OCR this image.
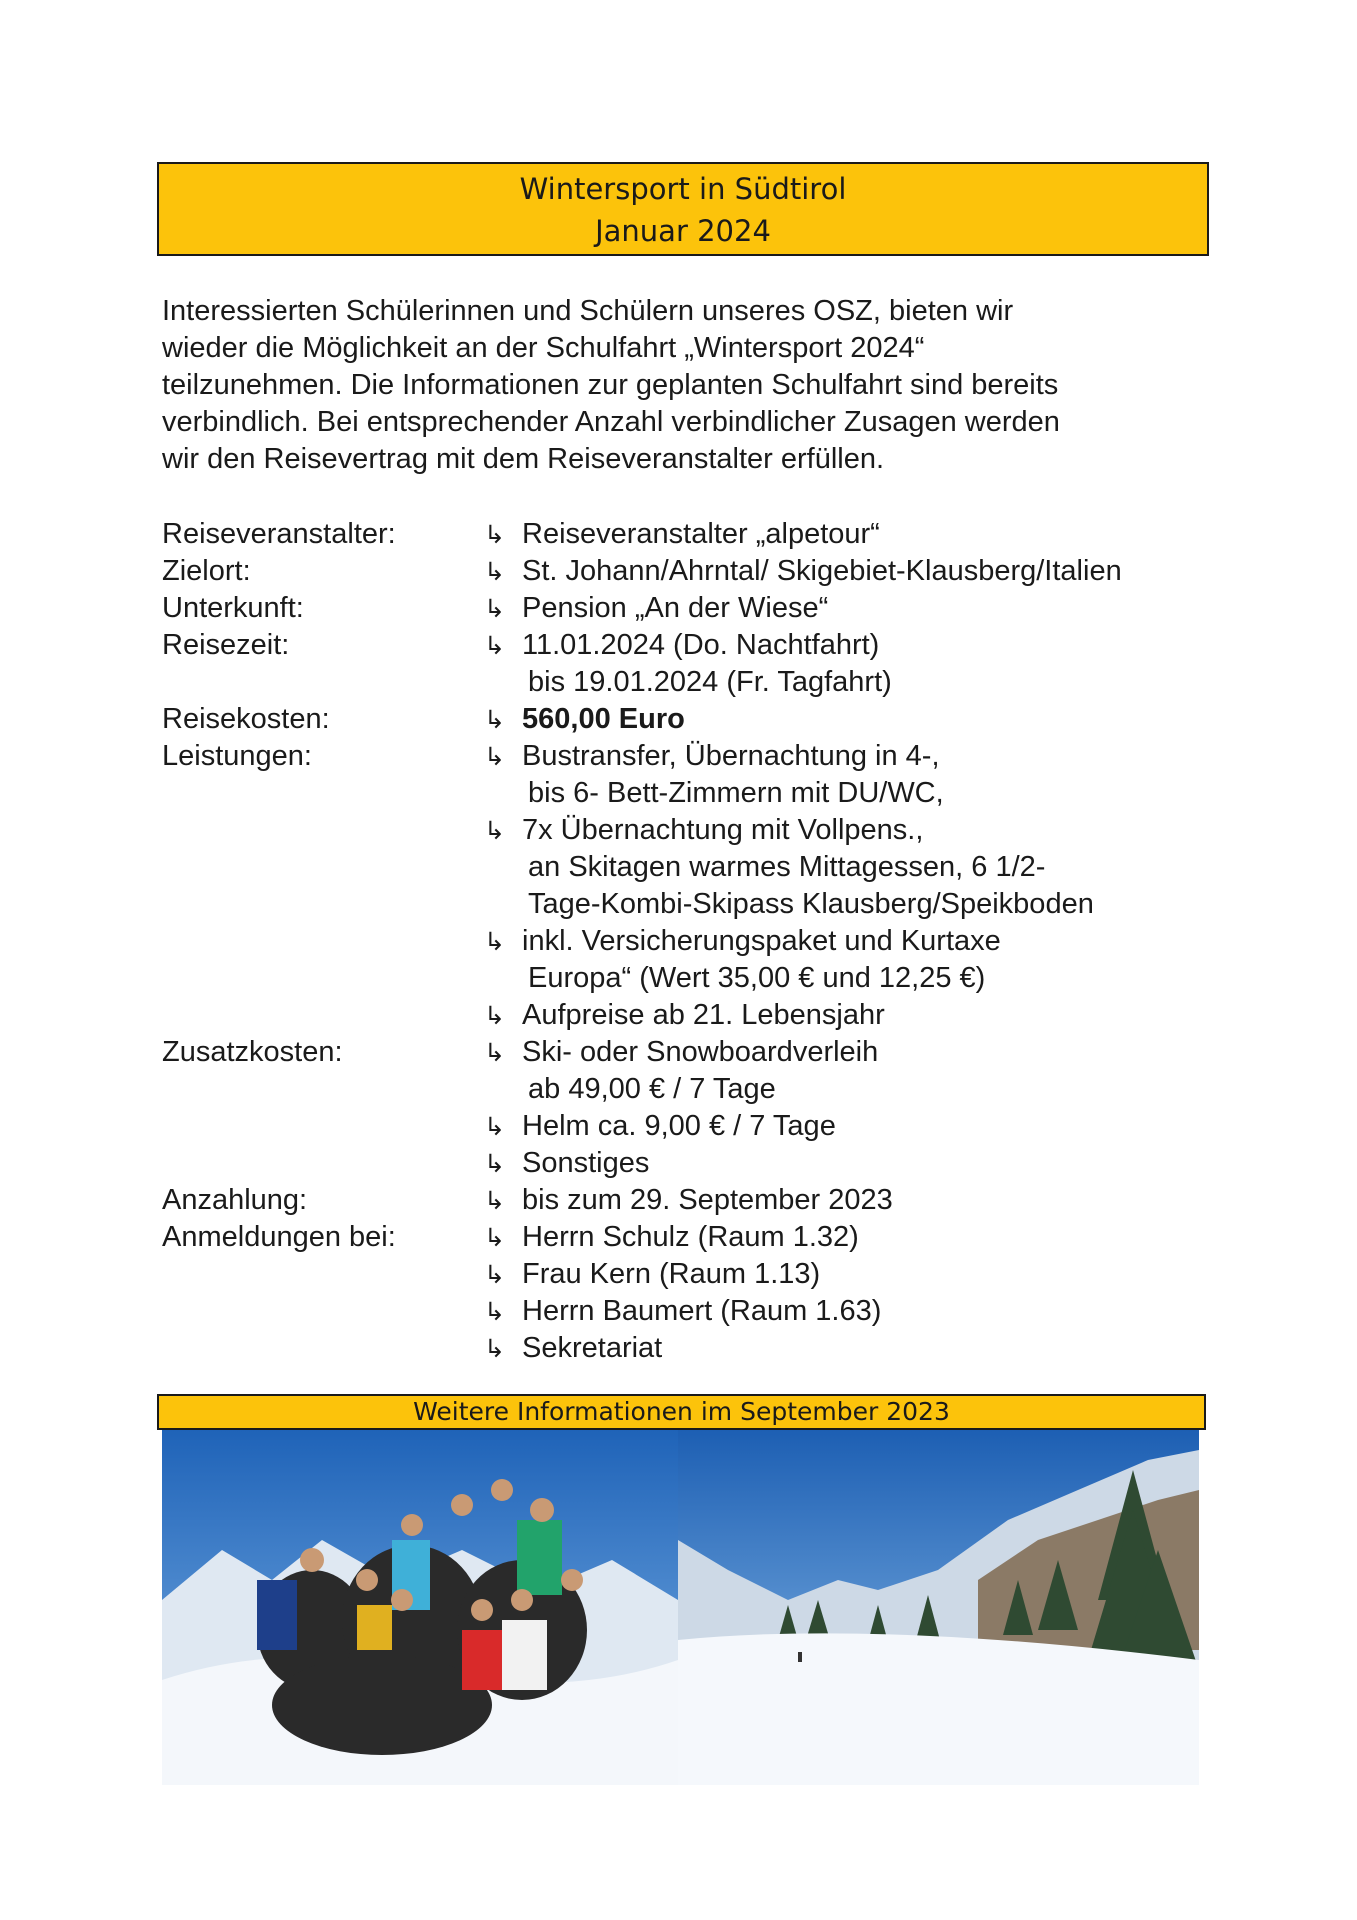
Wintersport in Südtirol
Januar 2024

Interessierten Schülerinnen und Schülern unseres OSZ, bieten wir

wieder die Möglichkeit an der Schulfahrt „Wintersport 2024“

teilzunehmen. Die Informationen zur geplanten Schulfahrt sind bereits

verbindlich. Bei entsprechender Anzahl verbindlicher Zusagen werden

wir den Reisevertrag mit dem Reiseveranstalter erfüllen.

Reiseveranstalter:	↳ Reiseveranstalter „alpetour“
Zielort:	↳ St. Johann/Ahrntal/ Skigebiet-Klausberg/Italien
Unterkunft:	↳ Pension „An der Wiese“
Reisezeit:	↳ 11.01.2024 (Do. Nachtfahrt)
bis 19.01.2024 (Fr. Tagfahrt)
Reisekosten:	↳ 560,00 Euro
Leistungen:	↳ Bustransfer, Übernachtung in 4-,
bis 6- Bett-Zimmern mit DU/WC,
↳ 7x Übernachtung mit Vollpens.,
an Skitagen warmes Mittagessen, 6 1/2-
Tage-Kombi-Skipass Klausberg/Speikboden
↳ inkl. Versicherungspaket und Kurtaxe
Europa“ (Wert 35,00 € und 12,25 €)
↳ Aufpreise ab 21. Lebensjahr
Zusatzkosten:	↳ Ski- oder Snowboardverleih
ab 49,00 € / 7 Tage
↳ Helm ca. 9,00 € / 7 Tage
↳ Sonstiges
Anzahlung:	↳ bis zum 29. September 2023
Anmeldungen bei:	↳ Herrn Schulz (Raum 1.32)
↳ Frau Kern (Raum 1.13)
↳ Herrn Baumert (Raum 1.63)
↳ Sekretariat
Weitere Informationen im September 2023
